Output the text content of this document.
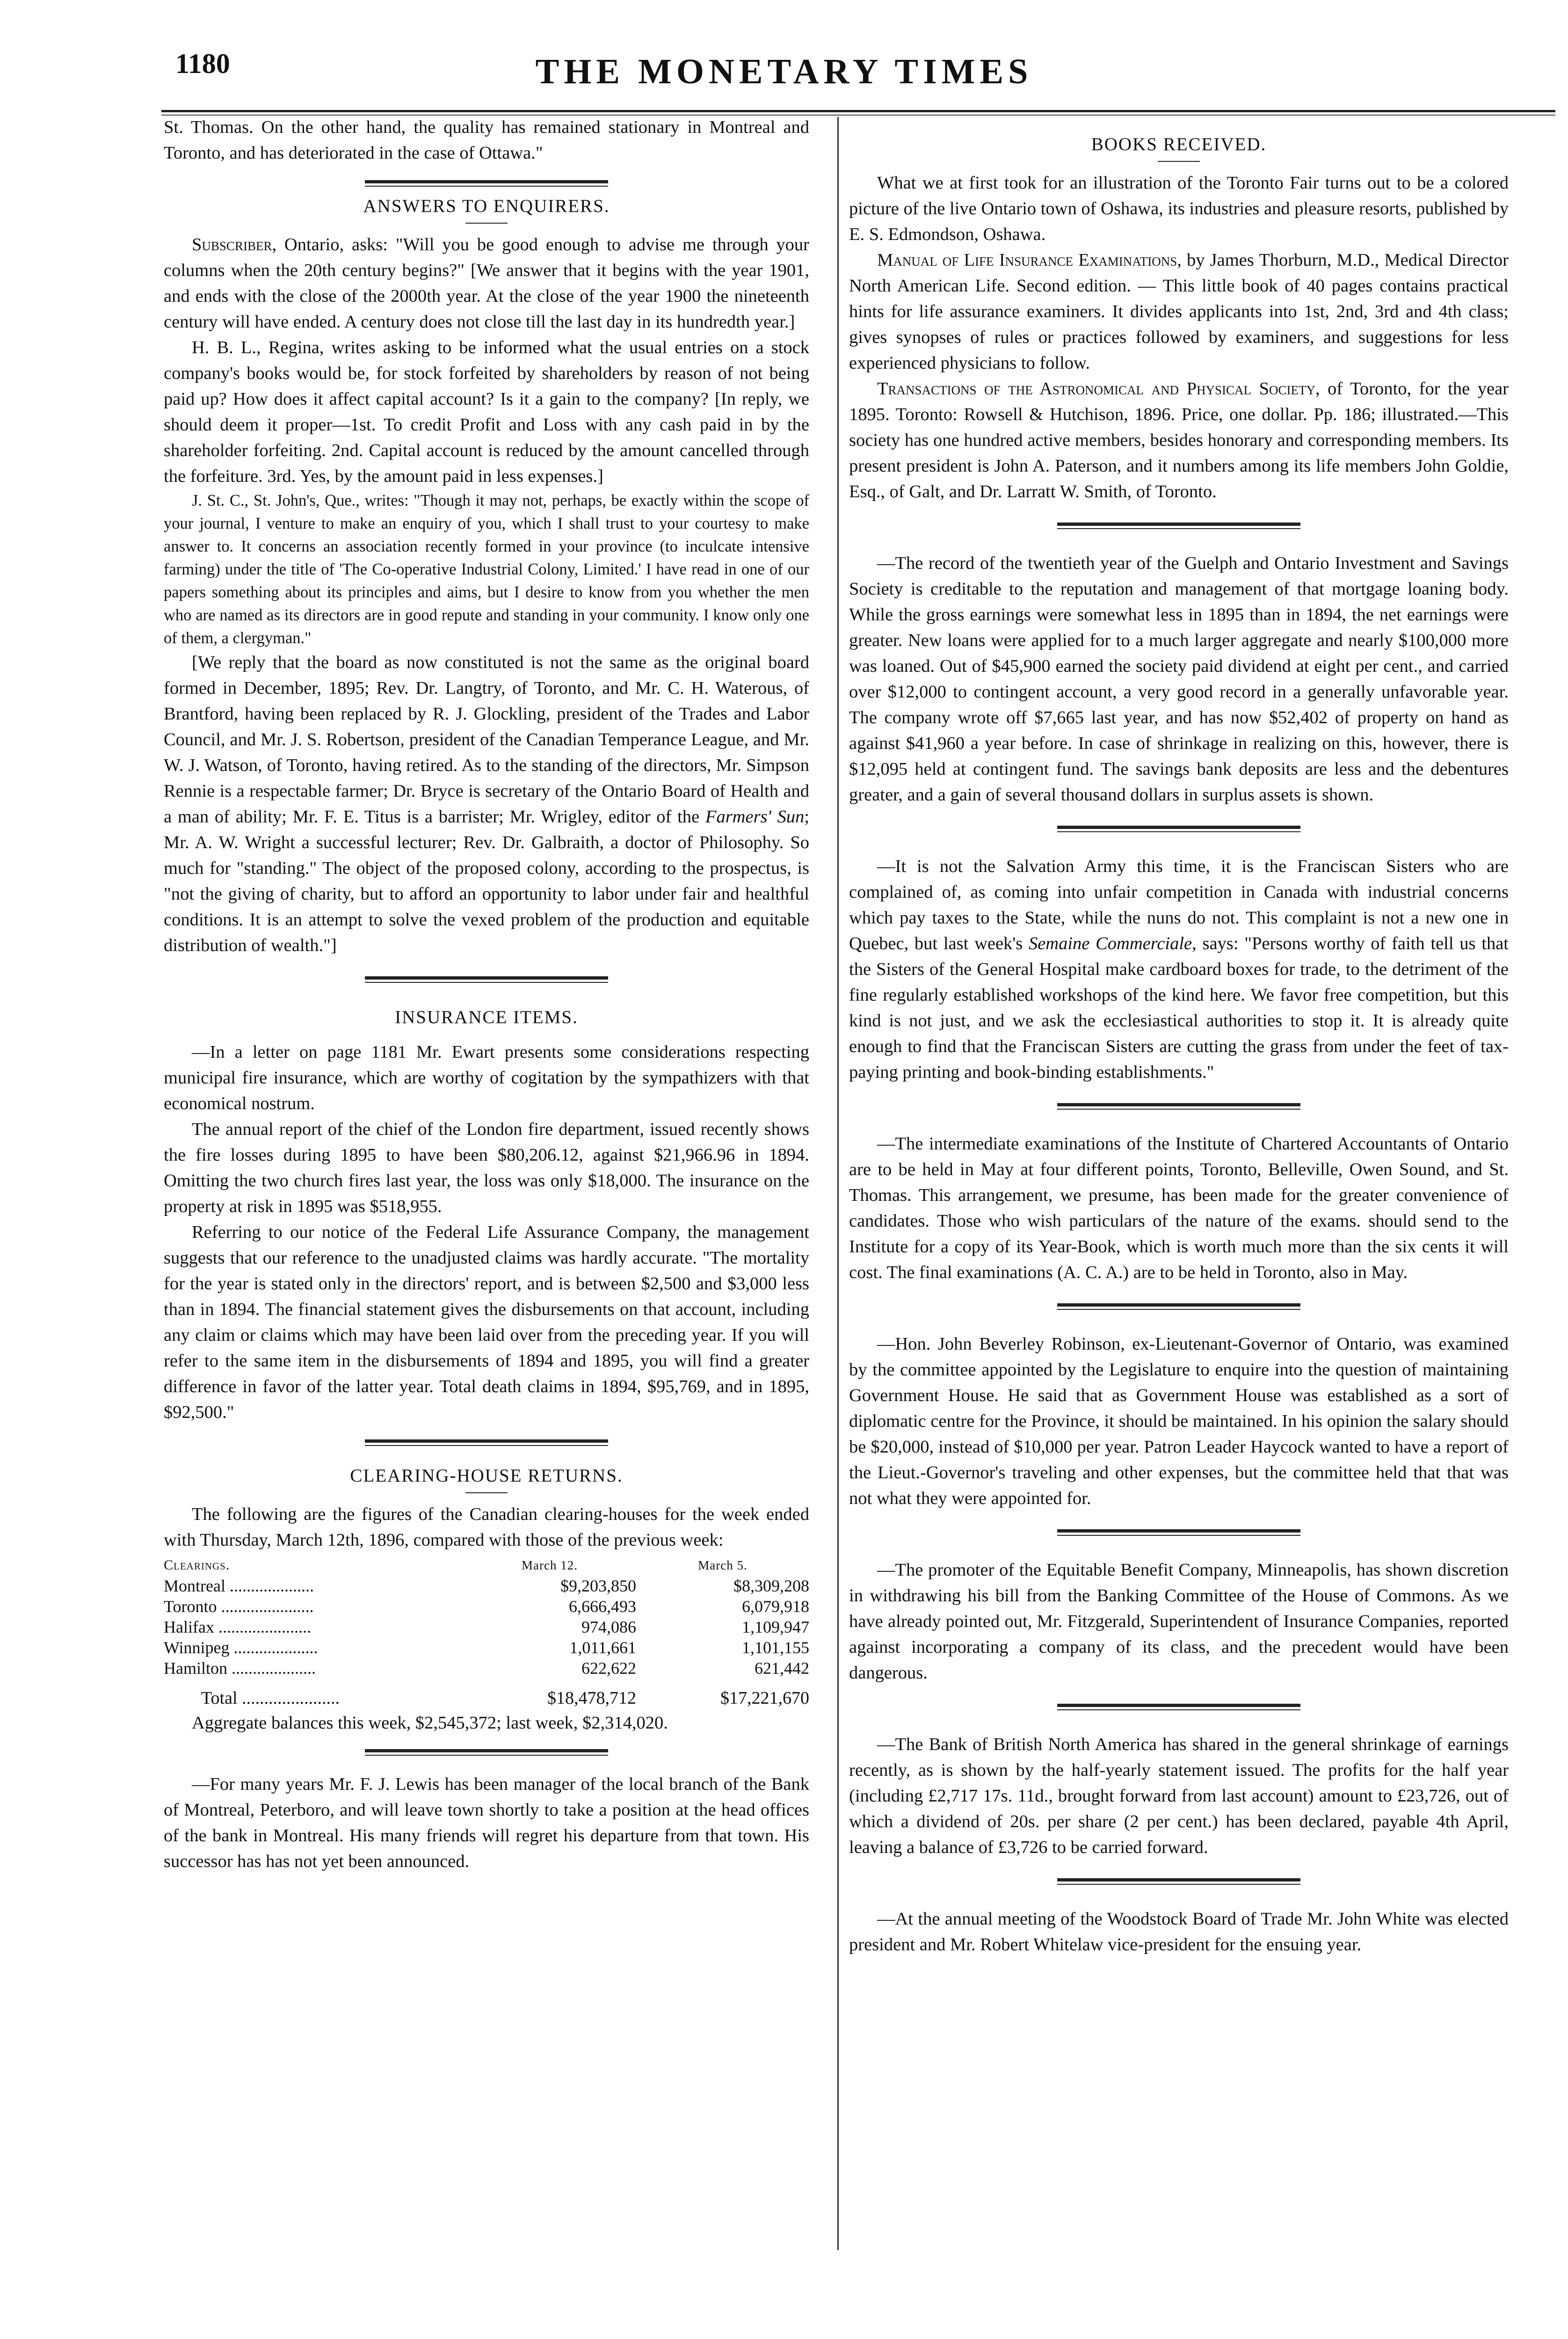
1180	THE MONETARY TIMES

St. Thomas. On the other hand, the quality has remained stationary in Montreal and Toronto, and has deteriorated in the case of Ottawa."

ANSWERS TO ENQUIRERS.

Subscriber, Ontario, asks: "Will you be good enough to advise me through your columns when the 20th century begins?" [We answer that it begins with the year 1901, and ends with the close of the 2000th year. At the close of the year 1900 the nineteenth century will have ended. A century does not close till the last day in its hundredth year.]

H. B. L., Regina, writes asking to be informed what the usual entries on a stock company's books would be, for stock forfeited by shareholders by reason of not being paid up? How does it affect capital account? Is it a gain to the company? [In reply, we should deem it proper—1st. To credit Profit and Loss with any cash paid in by the shareholder forfeiting. 2nd. Capital account is reduced by the amount cancelled through the forfeiture. 3rd. Yes, by the amount paid in less expenses.]

J. St. C., St. John's, Que., writes: "Though it may not, perhaps, be exactly within the scope of your journal, I venture to make an enquiry of you, which I shall trust to your courtesy to make answer to. It concerns an association recently formed in your province (to inculcate intensive farming) under the title of 'The Co-operative Industrial Colony, Limited.' I have read in one of our papers something about its principles and aims, but I desire to know from you whether the men who are named as its directors are in good repute and standing in your community. I know only one of them, a clergyman."

[We reply that the board as now constituted is not the same as the original board formed in December, 1895; Rev. Dr. Langtry, of Toronto, and Mr. C. H. Waterous, of Brantford, having been replaced by R. J. Glockling, president of the Trades and Labor Council, and Mr. J. S. Robertson, president of the Canadian Temperance League, and Mr. W. J. Watson, of Toronto, having retired. As to the standing of the directors, Mr. Simpson Rennie is a respectable farmer; Dr. Bryce is secretary of the Ontario Board of Health and a man of ability; Mr. F. E. Titus is a barrister; Mr. Wrigley, editor of the Farmers' Sun; Mr. A. W. Wright a successful lecturer; Rev. Dr. Galbraith, a doctor of Philosophy. So much for "standing." The object of the proposed colony, according to the prospectus, is "not the giving of charity, but to afford an opportunity to labor under fair and healthful conditions. It is an attempt to solve the vexed problem of the production and equitable distribution of wealth."]

INSURANCE ITEMS.

—In a letter on page 1181 Mr. Ewart presents some considerations respecting municipal fire insurance, which are worthy of cogitation by the sympathizers with that economical nostrum.

The annual report of the chief of the London fire department, issued recently shows the fire losses during 1895 to have been $80,206.12, against $21,966.96 in 1894. Omitting the two church fires last year, the loss was only $18,000. The insurance on the property at risk in 1895 was $518,955.

Referring to our notice of the Federal Life Assurance Company, the management suggests that our reference to the unadjusted claims was hardly accurate. "The mortality for the year is stated only in the directors' report, and is between $2,500 and $3,000 less than in 1894. The financial statement gives the disbursements on that account, including any claim or claims which may have been laid over from the preceding year. If you will refer to the same item in the disbursements of 1894 and 1895, you will find a greater difference in favor of the latter year. Total death claims in 1894, $95,769, and in 1895, $92,500."

CLEARING-HOUSE RETURNS.

The following are the figures of the Canadian clearing-houses for the week ended with Thursday, March 12th, 1896, compared with those of the previous week:

Clearings.	March 12.	March 5.
Montreal ....................	$9,203,850	$8,309,208
Toronto ......................	6,666,493	6,079,918
Halifax ......................	974,086	1,109,947
Winnipeg ....................	1,011,661	1,101,155
Hamilton ....................	622,622	621,442
Total ......................	$18,478,712	$17,221,670

Aggregate balances this week, $2,545,372; last week, $2,314,020.

—For many years Mr. F. J. Lewis has been manager of the local branch of the Bank of Montreal, Peterboro, and will leave town shortly to take a position at the head offices of the bank in Montreal. His many friends will regret his departure from that town. His successor has has not yet been announced.

BOOKS RECEIVED.

What we at first took for an illustration of the Toronto Fair turns out to be a colored picture of the live Ontario town of Oshawa, its industries and pleasure resorts, published by E. S. Edmondson, Oshawa.

Manual of Life Insurance Examinations, by James Thorburn, M.D., Medical Director North American Life. Second edition. — This little book of 40 pages contains practical hints for life assurance examiners. It divides applicants into 1st, 2nd, 3rd and 4th class; gives synopses of rules or practices followed by examiners, and suggestions for less experienced physicians to follow.

Transactions of the Astronomical and Physical Society, of Toronto, for the year 1895. Toronto: Rowsell & Hutchison, 1896. Price, one dollar. Pp. 186; illustrated.—This society has one hundred active members, besides honorary and corresponding members. Its present president is John A. Paterson, and it numbers among its life members John Goldie, Esq., of Galt, and Dr. Larratt W. Smith, of Toronto.

—The record of the twentieth year of the Guelph and Ontario Investment and Savings Society is creditable to the reputation and management of that mortgage loaning body. While the gross earnings were somewhat less in 1895 than in 1894, the net earnings were greater. New loans were applied for to a much larger aggregate and nearly $100,000 more was loaned. Out of $45,900 earned the society paid dividend at eight per cent., and carried over $12,000 to contingent account, a very good record in a generally unfavorable year. The company wrote off $7,665 last year, and has now $52,402 of property on hand as against $41,960 a year before. In case of shrinkage in realizing on this, however, there is $12,095 held at contingent fund. The savings bank deposits are less and the debentures greater, and a gain of several thousand dollars in surplus assets is shown.

—It is not the Salvation Army this time, it is the Franciscan Sisters who are complained of, as coming into unfair competition in Canada with industrial concerns which pay taxes to the State, while the nuns do not. This complaint is not a new one in Quebec, but last week's Semaine Commerciale, says: "Persons worthy of faith tell us that the Sisters of the General Hospital make cardboard boxes for trade, to the detriment of the fine regularly established workshops of the kind here. We favor free competition, but this kind is not just, and we ask the ecclesiastical authorities to stop it. It is already quite enough to find that the Franciscan Sisters are cutting the grass from under the feet of tax-paying printing and book-binding establishments."

—The intermediate examinations of the Institute of Chartered Accountants of Ontario are to be held in May at four different points, Toronto, Belleville, Owen Sound, and St. Thomas. This arrangement, we presume, has been made for the greater convenience of candidates. Those who wish particulars of the nature of the exams. should send to the Institute for a copy of its Year-Book, which is worth much more than the six cents it will cost. The final examinations (A. C. A.) are to be held in Toronto, also in May.

—Hon. John Beverley Robinson, ex-Lieutenant-Governor of Ontario, was examined by the committee appointed by the Legislature to enquire into the question of maintaining Government House. He said that as Government House was established as a sort of diplomatic centre for the Province, it should be maintained. In his opinion the salary should be $20,000, instead of $10,000 per year. Patron Leader Haycock wanted to have a report of the Lieut.-Governor's traveling and other expenses, but the committee held that that was not what they were appointed for.

—The promoter of the Equitable Benefit Company, Minneapolis, has shown discretion in withdrawing his bill from the Banking Committee of the House of Commons. As we have already pointed out, Mr. Fitzgerald, Superintendent of Insurance Companies, reported against incorporating a company of its class, and the precedent would have been dangerous.

—The Bank of British North America has shared in the general shrinkage of earnings recently, as is shown by the half-yearly statement issued. The profits for the half year (including £2,717 17s. 11d., brought forward from last account) amount to £23,726, out of which a dividend of 20s. per share (2 per cent.) has been declared, payable 4th April, leaving a balance of £3,726 to be carried forward.

—At the annual meeting of the Woodstock Board of Trade Mr. John White was elected president and Mr. Robert Whitelaw vice-president for the ensuing year.
